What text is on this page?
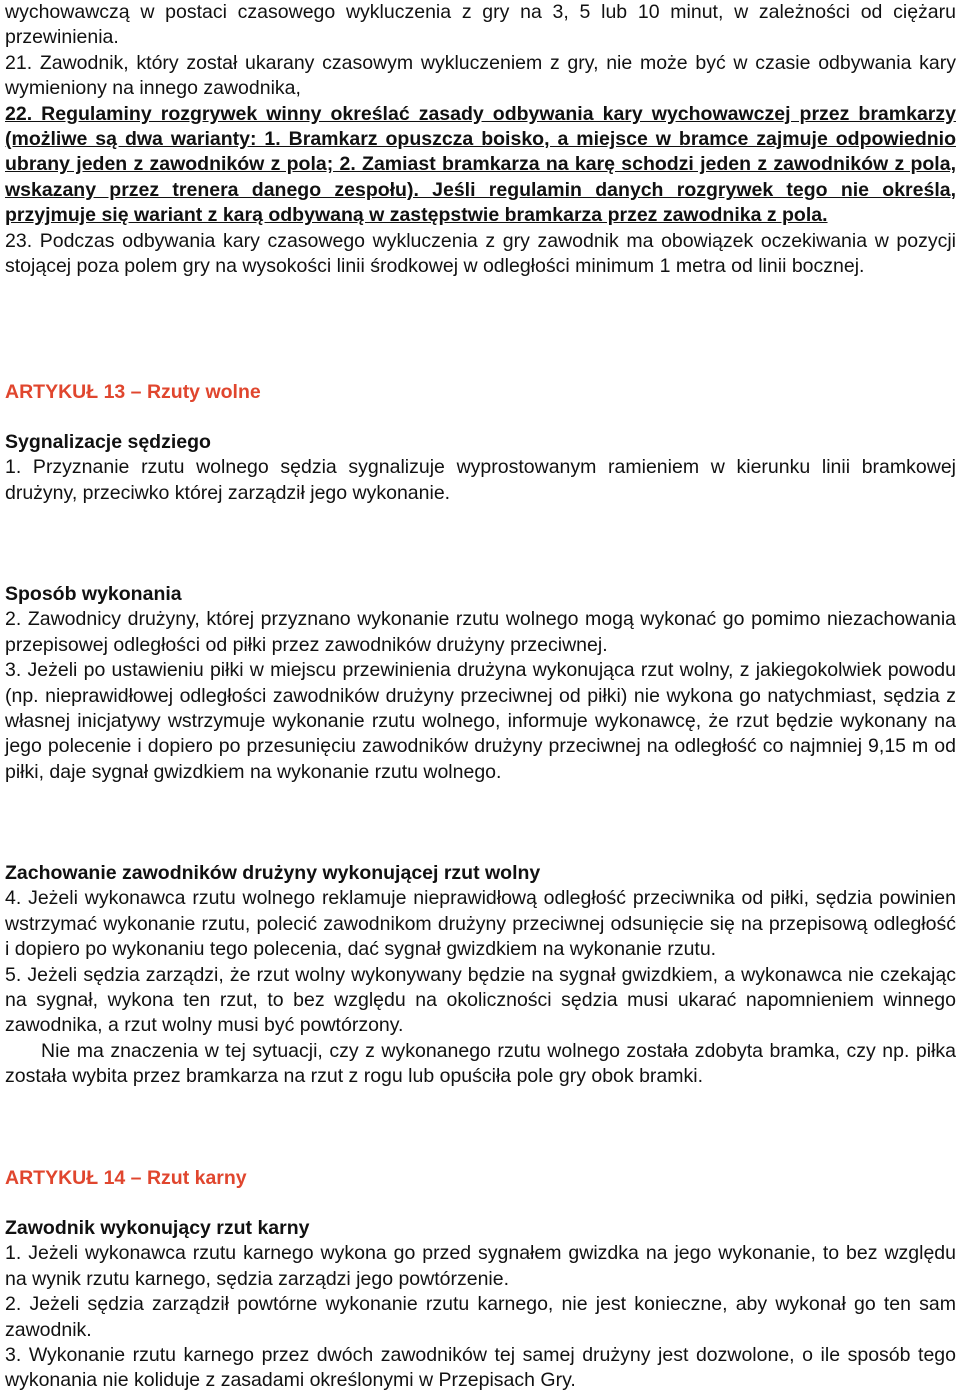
wychowawczą w postaci czasowego wykluczenia z gry na 3, 5 lub 10 minut, w zależności od ciężaru przewinienia.

21. Zawodnik, który został ukarany czasowym wykluczeniem z gry, nie może być w czasie odbywania kary wymieniony na innego zawodnika,

22. Regulaminy rozgrywek winny określać zasady odbywania kary wychowawczej przez bramkarzy (możliwe są dwa warianty: 1. Bramkarz opuszcza boisko, a miejsce w bramce zajmuje odpowiednio ubrany jeden z zawodników z pola; 2. Zamiast bramkarza na karę schodzi jeden z zawodników z pola, wskazany przez trenera danego zespołu). Jeśli regulamin danych rozgrywek tego nie określa, przyjmuje się wariant z karą odbywaną w zastępstwie bramkarza przez zawodnika z pola.

23. Podczas odbywania kary czasowego wykluczenia z gry zawodnik ma obowiązek oczekiwania w pozycji stojącej poza polem gry na wysokości linii środkowej w odległości minimum 1 metra od linii bocznej.

ARTYKUŁ 13 – Rzuty wolne

Sygnalizacje sędziego

1. Przyznanie rzutu wolnego sędzia sygnalizuje wyprostowanym ramieniem w kierunku linii bramkowej drużyny, przeciwko której zarządził jego wykonanie.

Sposób wykonania

2. Zawodnicy drużyny, której przyznano wykonanie rzutu wolnego mogą wykonać go pomimo niezachowania przepisowej odległości od piłki przez zawodników drużyny przeciwnej.

3. Jeżeli po ustawieniu piłki w miejscu przewinienia drużyna wykonująca rzut wolny, z jakiegokolwiek powodu (np. nieprawidłowej odległości zawodników drużyny przeciwnej od piłki) nie wykona go natychmiast, sędzia z własnej inicjatywy wstrzymuje wykonanie rzutu wolnego, informuje wykonawcę, że rzut będzie wykonany na jego polecenie i dopiero po przesunięciu zawodników drużyny przeciwnej na odległość co najmniej 9,15 m od piłki, daje sygnał gwizdkiem na wykonanie rzutu wolnego.

Zachowanie zawodników drużyny wykonującej rzut wolny

4. Jeżeli wykonawca rzutu wolnego reklamuje nieprawidłową odległość przeciwnika od piłki, sędzia powinien wstrzymać wykonanie rzutu, polecić zawodnikom drużyny przeciwnej odsunięcie się na przepisową odległość i dopiero po wykonaniu tego polecenia, dać sygnał gwizdkiem na wykonanie rzutu.

5. Jeżeli sędzia zarządzi, że rzut wolny wykonywany będzie na sygnał gwizdkiem, a wykonawca nie czekając na sygnał, wykona ten rzut, to bez względu na okoliczności sędzia musi ukarać napomnieniem winnego zawodnika, a rzut wolny musi być powtórzony.

Nie ma znaczenia w tej sytuacji, czy z wykonanego rzutu wolnego została zdobyta bramka, czy np. piłka została wybita przez bramkarza na rzut z rogu lub opuściła pole gry obok bramki.

ARTYKUŁ 14 – Rzut karny

Zawodnik wykonujący rzut karny

1. Jeżeli wykonawca rzutu karnego wykona go przed sygnałem gwizdka na jego wykonanie, to bez względu na wynik rzutu karnego, sędzia zarządzi jego powtórzenie.

2. Jeżeli sędzia zarządził powtórne wykonanie rzutu karnego, nie jest konieczne, aby wykonał go ten sam zawodnik.

3. Wykonanie rzutu karnego przez dwóch zawodników tej samej drużyny jest dozwolone, o ile sposób tego wykonania nie koliduje z zasadami określonymi w Przepisach Gry.
